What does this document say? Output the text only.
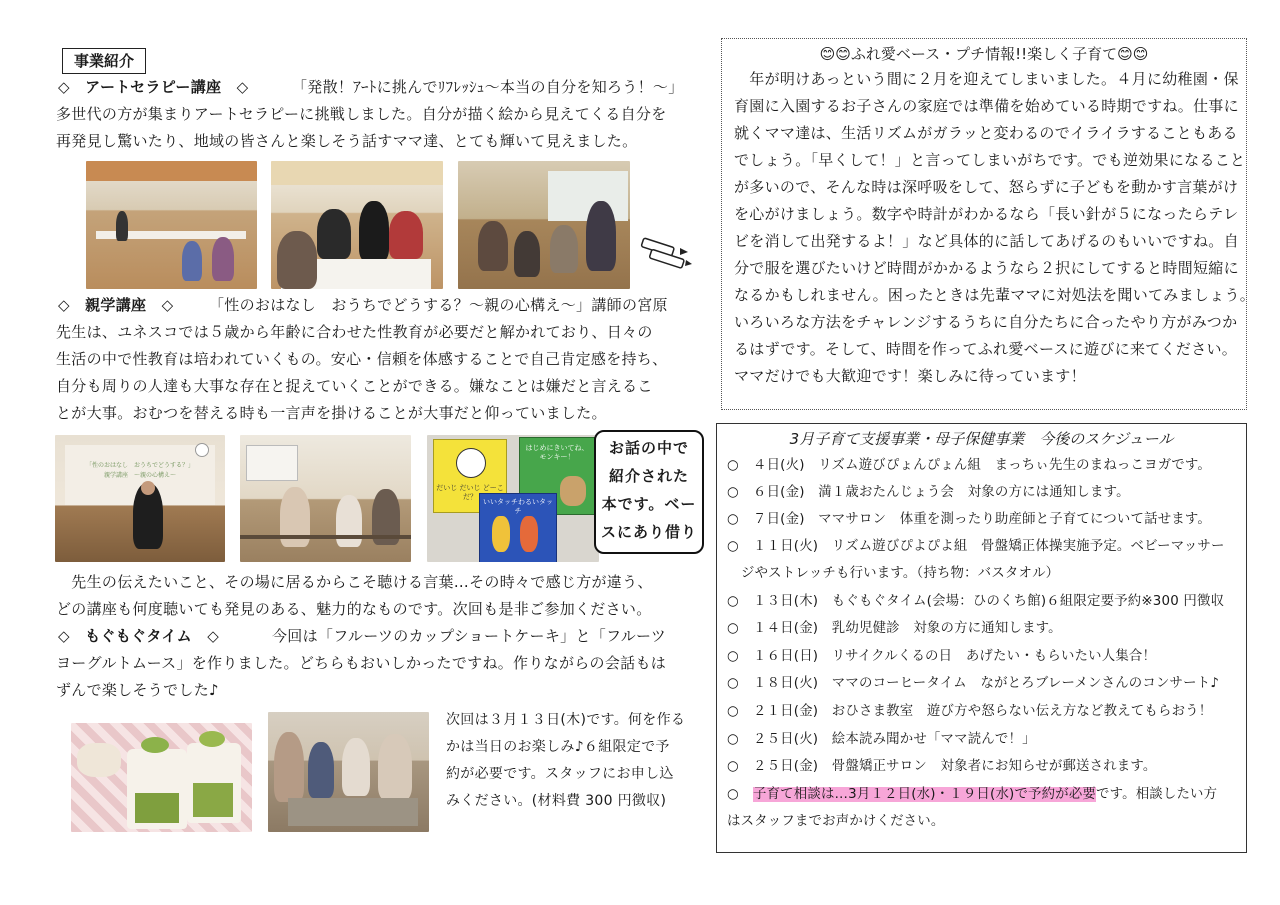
事業紹介
◇　アートセラピー講座　◇	「発散！ｱｰﾄに挑んでﾘﾌﾚｯｼｭ～本当の自分を知ろう！～」
多世代の方が集まりアートセラピーに挑戦しました。自分が描く絵から見えてくる自分を
再発見し驚いたり、地域の皆さんと楽しそう話すママ達、とても輝いて見えました。
◇　親学講座　◇ 「性のおはなし　おうちでどうする？～親の心構え～」講師の宮原
先生は、ユネスコでは５歳から年齢に合わせた性教育が必要だと解かれており、日々の
生活の中で性教育は培われていくもの。安心・信頼を体感することで自己肯定感を持ち、
自分も周りの人達も大事な存在と捉えていくことができる。嫌なことは嫌だと言えるこ
とが大事。おむつを替える時も一言声を掛けることが大事だと仰っていました。
「性のおはなし　おうちでどうする？」
親学講座　～親の心構え～
だいじ だいじ どーこだ？
はじめにきいてね、モンキー！
いいタッチわるいタッチ
お話の中で
紹介された
本です。ベー
スにあり借り
　先生の伝えたいこと、その場に居るからこそ聴ける言葉…その時々で感じ方が違う、
どの講座も何度聴いても発見のある、魅力的なものです。次回も是非ご参加ください。
◇　もぐもぐタイム　◇	今回は「フルーツのカップショートケーキ」と「フルーツ
ヨーグルトムース」を作りました。どちらもおいしかったですね。作りながらの会話もは
ずんで楽しそうでした♪
次回は３月１３日(木)です。何を作る
かは当日のお楽しみ♪６組限定で予
約が必要です。スタッフにお申し込
みください。(材料費 300 円徴収)
😊😊ふれ愛ベース・プチ情報!!楽しく子育て😊😊
　年が明けあっという間に２月を迎えてしまいました。４月に幼稚園・保
育園に入園するお子さんの家庭では準備を始めている時期ですね。仕事に
就くママ達は、生活リズムがガラッと変わるのでイライラすることもある
でしょう。「早くして！」と言ってしまいがちです。でも逆効果になること
が多いので、そんな時は深呼吸をして、怒らずに子どもを動かす言葉がけ
を心がけましょう。数字や時計がわかるなら「長い針が５になったらテレ
ビを消して出発するよ！」など具体的に話してあげるのもいいですね。自
分で服を選びたいけど時間がかかるようなら２択にしてすると時間短縮に
なるかもしれません。困ったときは先輩ママに対処法を聞いてみましょう。
いろいろな方法をチャレンジするうちに自分たちに合ったやり方がみつか
るはずです。そして、時間を作ってふれ愛ベースに遊びに来てください。
ママだけでも大歓迎です！楽しみに待っています！
3月子育て支援事業・母子保健事業　今後のスケジュール
○ ４日(火)　リズム遊びぴょんぴょん組　まっちぃ先生のまねっこヨガです。
○ ６日(金)　満１歳おたんじょう会　対象の方には通知します。
○ ７日(金)　ママサロン　体重を測ったり助産師と子育てについて話せます。
○ １１日(火)　リズム遊びぴよぴよ組　骨盤矯正体操実施予定。ベビーマッサー
ジやストレッチも行います。（持ち物：バスタオル）
○ １３日(木)　もぐもぐタイム(会場：ひのくち館)６組限定要予約※300 円徴収
○ １４日(金)　乳幼児健診　対象の方に通知します。
○ １６日(日)　リサイクルくるの日　あげたい・もらいたい人集合！
○ １８日(火)　ママのコーヒータイム　ながとろブレーメンさんのコンサート♪
○ ２１日(金)　おひさま教室　遊び方や怒らない伝え方など教えてもらおう！
○ ２５日(火)　絵本読み聞かせ「ママ読んで！」
○ ２５日(金)　骨盤矯正サロン　対象者にお知らせが郵送されます。
○ 子育て相談は…3月１２日(水)・１９日(水)で予約が必要です。相談したい方
はスタッフまでお声かけください。
